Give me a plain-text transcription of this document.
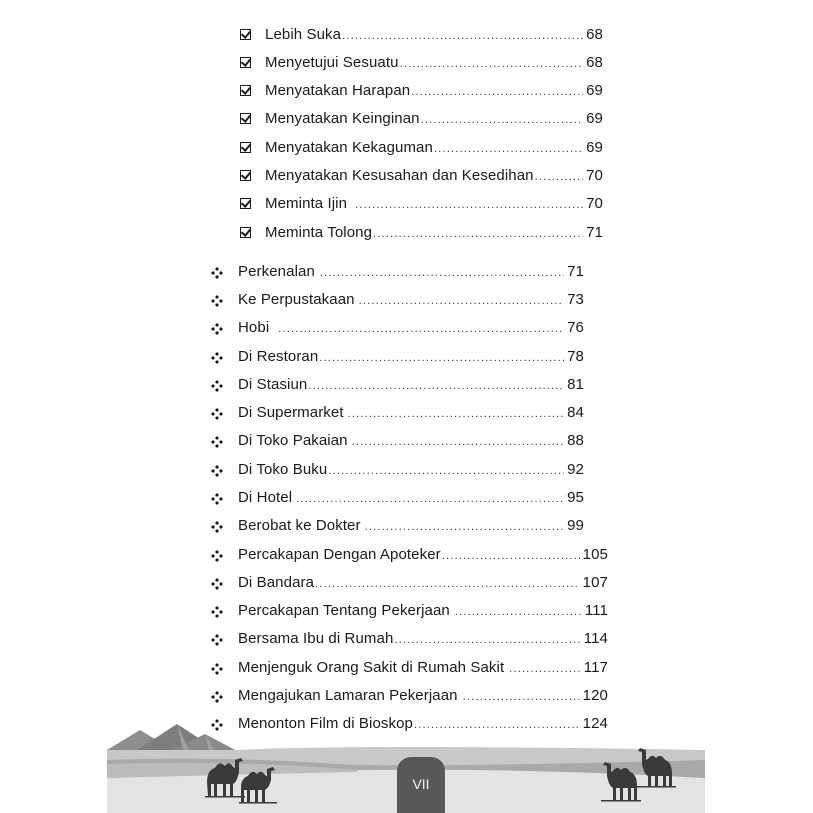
Lebih Suka .....	68
Menyetujui Sesuatu .....	68
Menyatakan Harapan .....	69
Menyatakan Keinginan .....	69
Menyatakan Kekaguman .....	69
Menyatakan Kesusahan dan Kesedihan .....	70
Meminta Ijin .....	70
Meminta Tolong .....	71
Perkenalan .....	71
Ke Perpustakaan .....	73
Hobi .....	76
Di Restoran .....	78
Di Stasiun .....	81
Di Supermarket .....	84
Di Toko Pakaian .....	88
Di Toko Buku .....	92
Di Hotel .....	95
Berobat ke Dokter .....	99
Percakapan Dengan Apoteker .....	105
Di Bandara .....	107
Percakapan Tentang Pekerjaan .....	111
Bersama Ibu di Rumah .....	114
Menjenguk Orang Sakit di Rumah Sakit .....	117
Mengajukan Lamaran Pekerjaan .....	120
Menonton Film di Bioskop .....	124
VII
